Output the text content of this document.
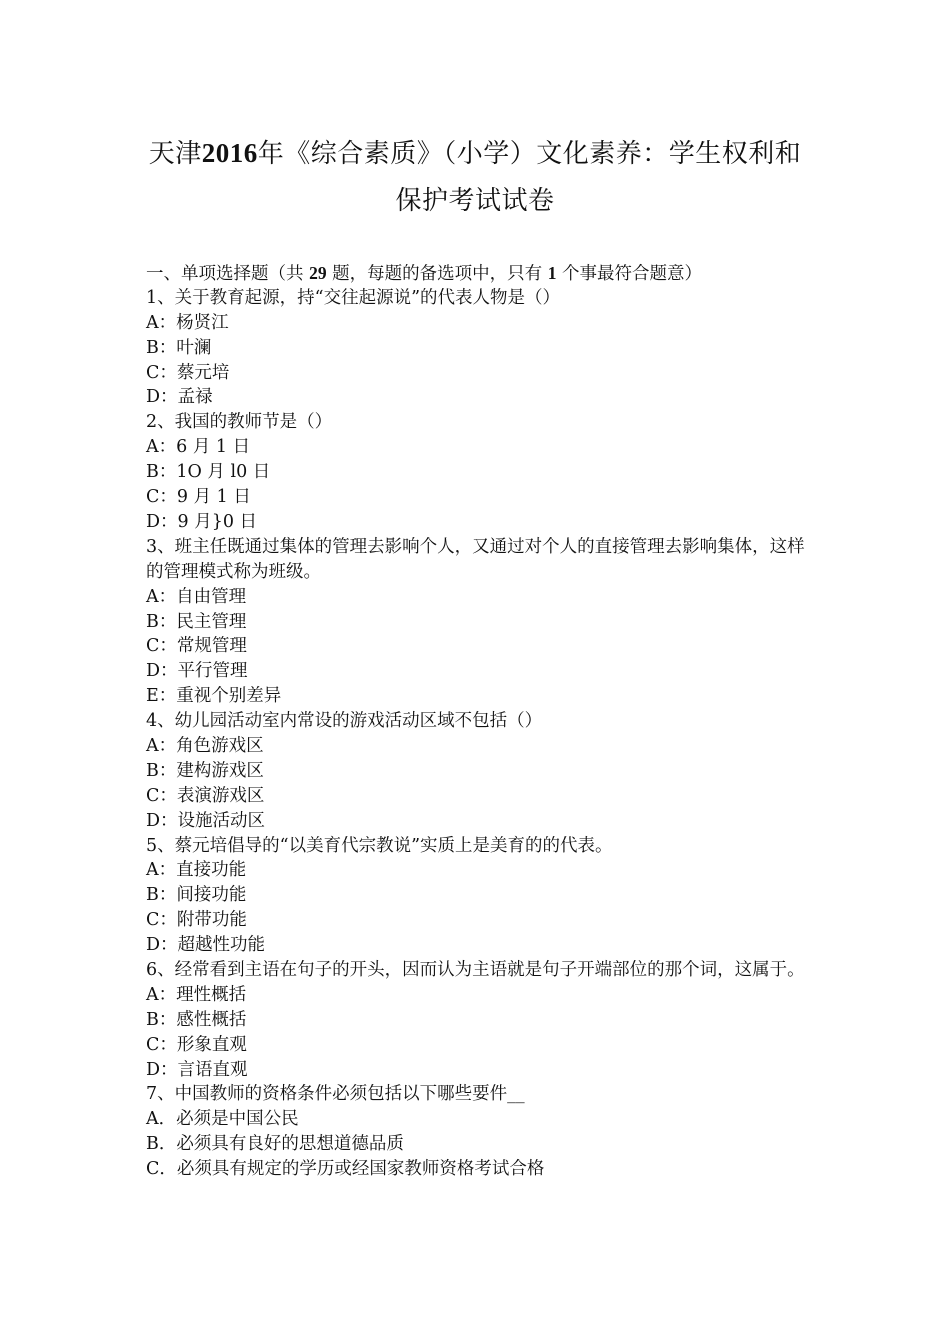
天津2016年《综合素质》（小学）文化素养：学生权利和
保护考试试卷
一、单项选择题（共 29 题，每题的备选项中，只有 1 个事最符合题意）
1、关于教育起源，持“交往起源说”的代表人物是（）
A：杨贤江
B：叶澜
C：蔡元培
D：孟禄
2、我国的教师节是（）
A：6 月 1 日
B：1O 月 l0 日
C：9 月 1 日
D：9 月}0 日
3、班主任既通过集体的管理去影响个人，又通过对个人的直接管理去影响集体，这样的管理模式称为班级。
A：自由管理
B：民主管理
C：常规管理
D：平行管理
E：重视个别差异
4、幼儿园活动室内常设的游戏活动区域不包括（）
A：角色游戏区
B：建构游戏区
C：表演游戏区
D：设施活动区
5、蔡元培倡导的“以美育代宗教说”实质上是美育的的代表。
A：直接功能
B：间接功能
C：附带功能
D：超越性功能
6、经常看到主语在句子的开头，因而认为主语就是句子开端部位的那个词，这属于。
A：理性概括
B：感性概括
C：形象直观
D：言语直观
7、中国教师的资格条件必须包括以下哪些要件__
A．必须是中国公民
B．必须具有良好的思想道德品质
C．必须具有规定的学历或经国家教师资格考试合格
